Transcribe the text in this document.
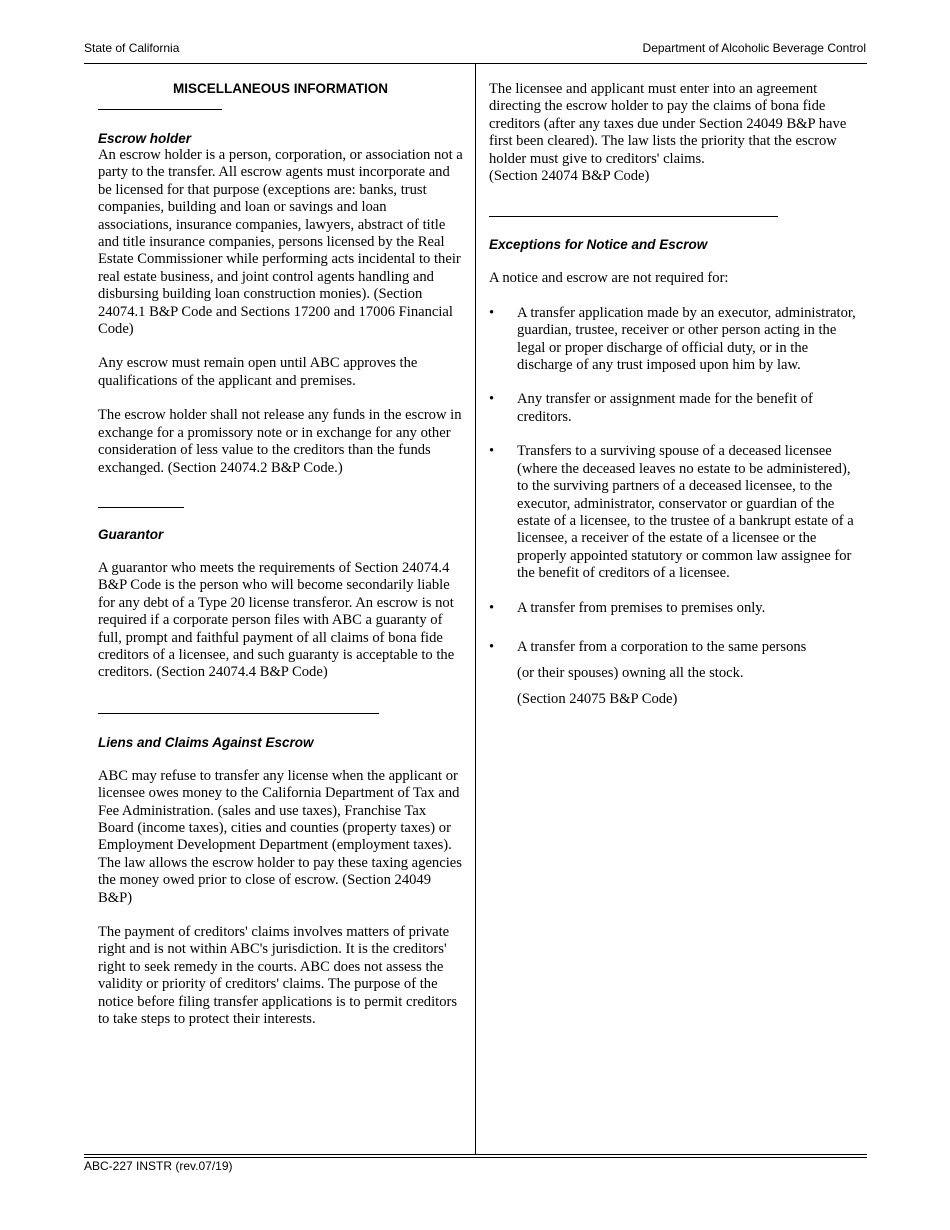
State of California	Department of Alcoholic Beverage Control

MISCELLANEOUS INFORMATION

Escrow holder

An escrow holder is a person, corporation, or association not a party to the transfer. All escrow agents must incorporate and be licensed for that purpose (exceptions are: banks, trust companies, building and loan or savings and loan associations, insurance companies, lawyers, abstract of title and title insurance companies, persons licensed by the Real Estate Commissioner while performing acts incidental to their real estate business, and joint control agents handling and disbursing building loan construction monies). (Section 24074.1 B&P Code and Sections 17200 and 17006 Financial Code)

Any escrow must remain open until ABC approves the qualifications of the applicant and premises.

The escrow holder shall not release any funds in the escrow in exchange for a promissory note or in exchange for any other consideration of less value to the creditors than the funds exchanged. (Section 24074.2 B&P Code.)

Guarantor

A guarantor who meets the requirements of Section 24074.4 B&P Code is the person who will become secondarily liable for any debt of a Type 20 license transferor. An escrow is not required if a corporate person files with ABC a guaranty of full, prompt and faithful payment of all claims of bona fide creditors of a licensee, and such guaranty is acceptable to the creditors. (Section 24074.4 B&P Code)

Liens and Claims Against Escrow

ABC may refuse to transfer any license when the applicant or licensee owes money to the California Department of Tax and Fee Administration. (sales and use taxes), Franchise Tax Board (income taxes), cities and counties (property taxes) or Employment Development Department (employment taxes). The law allows the escrow holder to pay these taxing agencies the money owed prior to close of escrow. (Section 24049 B&P)

The payment of creditors' claims involves matters of private right and is not within ABC's jurisdiction. It is the creditors' right to seek remedy in the courts. ABC does not assess the validity or priority of creditors' claims. The purpose of the notice before filing transfer applications is to permit creditors to take steps to protect their interests.

The licensee and applicant must enter into an agreement directing the escrow holder to pay the claims of bona fide creditors (after any taxes due under Section 24049 B&P have first been cleared). The law lists the priority that the escrow holder must give to creditors' claims.

(Section 24074 B&P Code)

Exceptions for Notice and Escrow

A notice and escrow are not required for:

• A transfer application made by an executor, administrator, guardian, trustee, receiver or other person acting in the legal or proper discharge of official duty, or in the discharge of any trust imposed upon him by law.
• Any transfer or assignment made for the benefit of creditors.
• Transfers to a surviving spouse of a deceased licensee (where the deceased leaves no estate to be administered), to the surviving partners of a deceased licensee, to the executor, administrator, conservator or guardian of the estate of a licensee, to the trustee of a bankrupt estate of a licensee, a receiver of the estate of a licensee or the properly appointed statutory or common law assignee for the benefit of creditors of a licensee.
• A transfer from premises to premises only.
• A transfer from a corporation to the same persons
(or their spouses) owning all the stock.
(Section 24075 B&P Code)
ABC-227 INSTR (rev.07/19)
